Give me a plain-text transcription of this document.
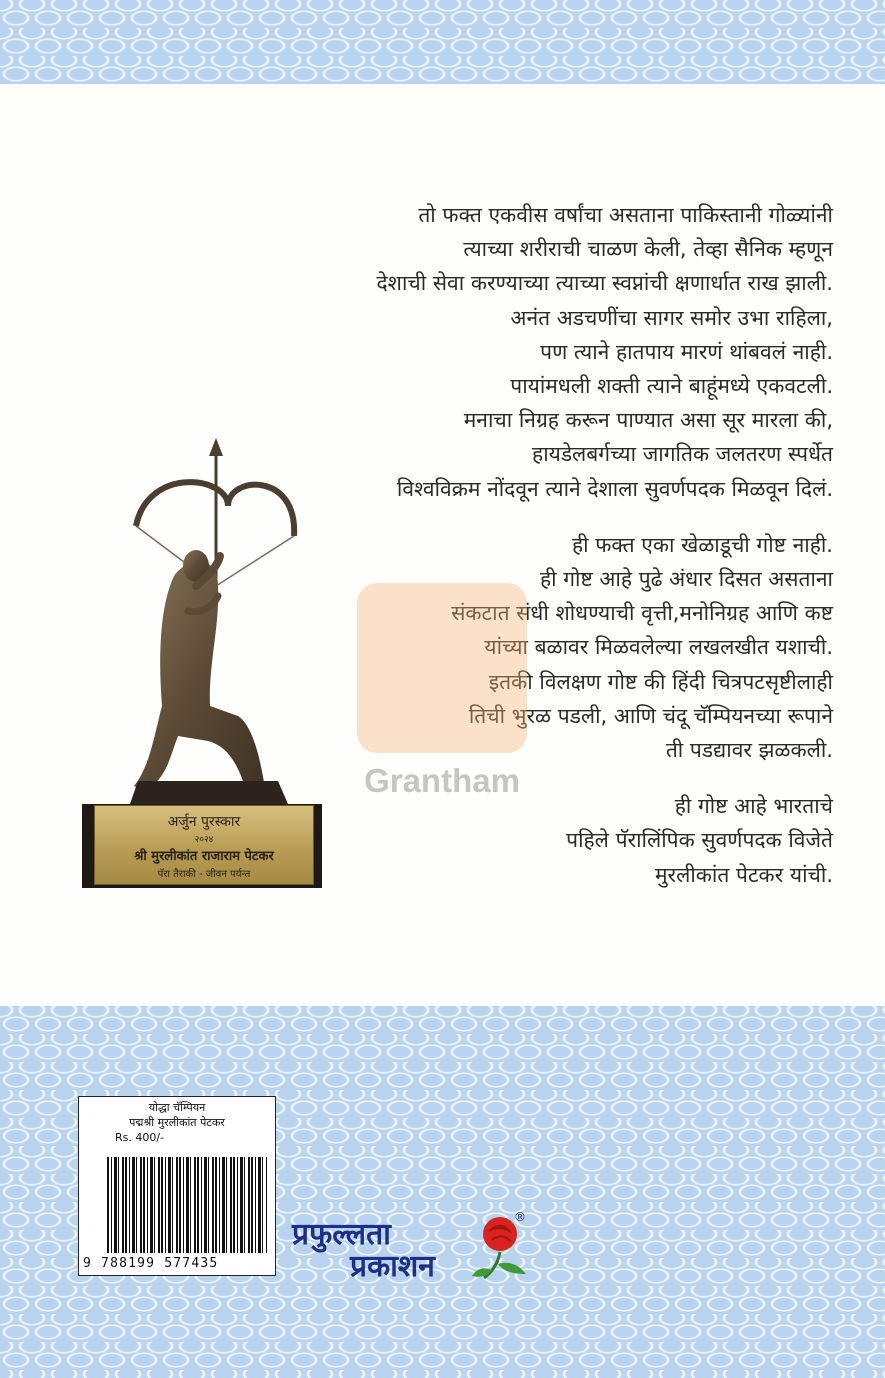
तो फक्त एकवीस वर्षांचा असताना पाकिस्तानी गोळ्यांनी
त्याच्या शरीराची चाळण केली, तेव्हा सैनिक म्हणून
देशाची सेवा करण्याच्या त्याच्या स्वप्नांची क्षणार्धात राख झाली.
अनंत अडचणींचा सागर समोर उभा राहिला,
पण त्याने हातपाय मारणं थांबवलं नाही.
पायांमधली शक्ती त्याने बाहूंमध्ये एकवटली.
मनाचा निग्रह करून पाण्यात असा सूर मारला की,
हायडेलबर्गच्या जागतिक जलतरण स्पर्धेत
विश्वविक्रम नोंदवून त्याने देशाला सुवर्णपदक मिळवून दिलं.

ही फक्त एका खेळाडूची गोष्ट नाही.
ही गोष्ट आहे पुढे अंधार दिसत असताना
संकटात संधी शोधण्याची वृत्ती,मनोनिग्रह आणि कष्ट
यांच्या बळावर मिळवलेल्या लखलखीत यशाची.
इतकी विलक्षण गोष्ट की हिंदी चित्रपटसृष्टीलाही
तिची भुरळ पडली, आणि चंदू चॅम्पियनच्या रूपाने
ती पडद्यावर झळकली.

ही गोष्ट आहे भारताचे
पहिले पॅरालिंपिक सुवर्णपदक विजेते
मुरलीकांत पेटकर यांची.

अर्जुन पुरस्कार
२०२४
श्री मुरलीकांत राजाराम पेटकर
पॅरा तैराकी - जीवन पर्यन्त
Grantham
योद्धा चॅम्पियन
पद्मश्री मुरलीकांत पेटकर
Rs. 400/-
9 788199 577435
प्रफुल्लता
प्रकाशन
®
